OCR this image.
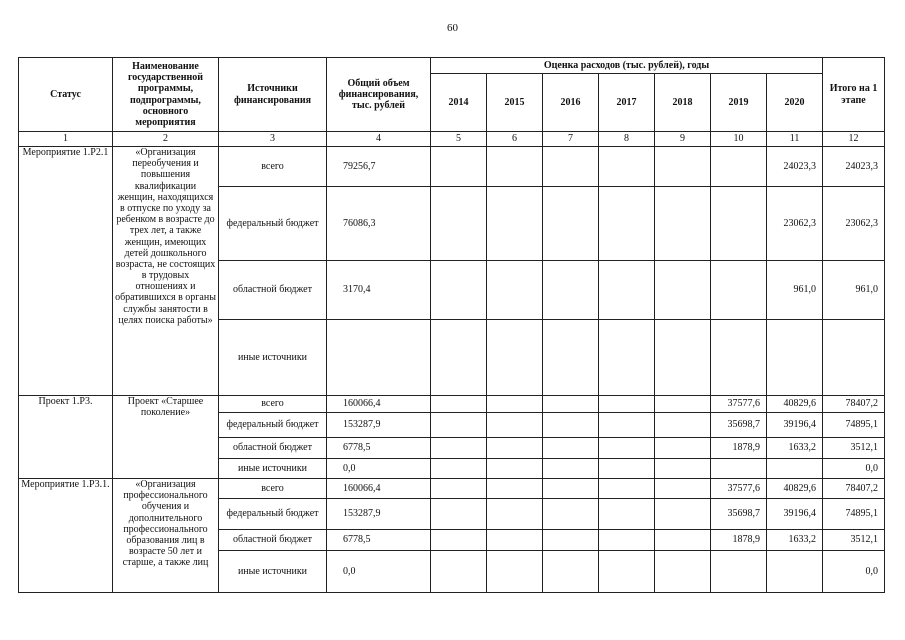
60
Статус	Наименование государственной программы, подпрограммы, основного мероприятия	Источники финансирования	Общий объем финансирования, тыс. рублей	Оценка расходов (тыс. рублей), годы							Итого на 1 этапе
				2014	2015	2016	2017	2018	2019	2020	
1	2	3	4	5	6	7	8	9	10	11	12
Мероприятие 1.Р2.1	«Организация переобучения и повышения квалификации женщин, находящихся в отпуске по уходу за ребенком в возрасте до трех лет, а также женщин, имеющих детей дошкольного возраста, не состоящих в трудовых отношениях и обратившихся в органы службы занятости в целях поиска работы»	всего	79256,7							24023,3	24023,3
		федеральный бюджет	76086,3							23062,3	23062,3
		областной бюджет	3170,4							961,0	961,0
		иные источники									
Проект 1.Р3.	Проект «Старшее поколение»	всего	160066,4						37577,6	40829,6	78407,2
		федеральный бюджет	153287,9						35698,7	39196,4	74895,1
		областной бюджет	6778,5						1878,9	1633,2	3512,1
		иные источники	0,0								0,0
Мероприятие 1.Р3.1.	«Организация профессионального обучения и дополнительного профессионального образования лиц в возрасте 50 лет и старше, а также лиц	всего	160066,4						37577,6	40829,6	78407,2
		федеральный бюджет	153287,9						35698,7	39196,4	74895,1
		областной бюджет	6778,5						1878,9	1633,2	3512,1
		иные источники	0,0								0,0
